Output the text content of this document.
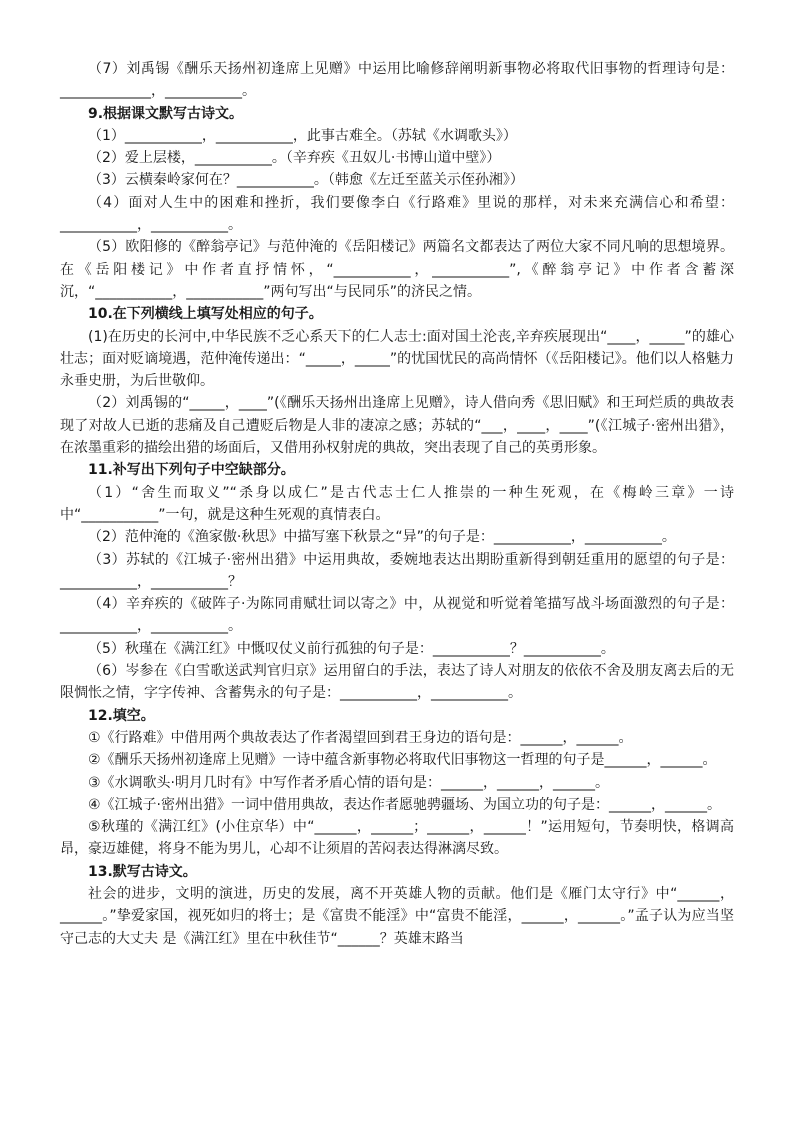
（7）刘禹锡《酬乐天扬州初逢席上见赠》中运用比喻修辞阐明新事物必将取代旧事物的哲理诗句是：_____________，___________。

9.根据课文默写古诗文。

（1）___________，___________，此事古难全。（苏轼《水调歌头》）

（2）爱上层楼，___________。（辛弃疾《丑奴儿·书博山道中壁》）

（3）云横秦岭家何在？___________。（韩愈《左迁至蓝关示侄孙湘》）

（4）面对人生中的困难和挫折，我们要像李白《行路难》里说的那样，对未来充满信心和希望：___________，___________。

（5）欧阳修的《醉翁亭记》与范仲淹的《岳阳楼记》两篇名文都表达了两位大家不同凡响的思想境界。在《岳阳楼记》中作者直抒情怀，“___________，___________”,《醉翁亭记》中作者含蓄深沉，“___________，___________”两句写出“与民同乐”的济民之情。

10.在下列横线上填写处相应的句子。

(1)在历史的长河中,中华民族不乏心系天下的仁人志士:面对国土沦丧,辛弃疾展现出“____，_____”的雄心壮志；面对贬谪境遇，范仲淹传递出：“_____，_____”的忧国忧民的高尚情怀（《岳阳楼记》。他们以人格魅力永垂史册，为后世敬仰。

（2）刘禹锡的“_____，____”(《酬乐天扬州出逢席上见赠》，诗人借向秀《思旧赋》和王珂烂质的典故表现了对故人已逝的悲痛及自己遭贬后物是人非的凄凉之感；苏轼的“___，____，____”(《江城子·密州出猎》，在浓墨重彩的描绘出猎的场面后，又借用孙权射虎的典故，突出表现了自己的英勇形象。

11.补写出下列句子中空缺部分。

（1）“舍生而取义”“杀身以成仁”是古代志士仁人推崇的一种生死观，在《梅岭三章》一诗中“___________”一句，就是这种生死观的真情表白。

（2）范仲淹的《渔家傲·秋思》中描写塞下秋景之“异”的句子是：___________，___________。

（3）苏轼的《江城子·密州出猎》中运用典故，委婉地表达出期盼重新得到朝廷重用的愿望的句子是：___________，___________？

（4）辛弃疾的《破阵子·为陈同甫赋壮词以寄之》中，从视觉和听觉着笔描写战斗场面激烈的句子是：___________，___________。

（5）秋瑾在《满江红》中慨叹仗义前行孤独的句子是：___________？___________。

（6）岑参在《白雪歌送武判官归京》运用留白的手法，表达了诗人对朋友的依依不舍及朋友离去后的无限惆怅之情，字字传神、含蓄隽永的句子是：___________，___________。

12.填空。

①《行路难》中借用两个典故表达了作者渴望回到君王身边的语句是：______，______。

②《酬乐天扬州初逢席上见赠》一诗中蕴含新事物必将取代旧事物这一哲理的句子是______，______。

③《水调歌头·明月几时有》中写作者矛盾心情的语句是：______，______，______。

④《江城子·密州出猎》一词中借用典故，表达作者愿驰骋疆场、为国立功的句子是：______，______。

⑤秋瑾的《满江红》(小住京华）中“______，______；______，______！”运用短句，节奏明快，格调高昂，豪迈雄健，将身不能为男儿，心却不让须眉的苦闷表达得淋漓尽致。

13.默写古诗文。

社会的进步，文明的演进，历史的发展，离不开英雄人物的贡献。他们是《雁门太守行》中“______，______。”挚爱家国，视死如归的将士；是《富贵不能淫》中“富贵不能淫，______，______。”孟子认为应当坚守己志的大丈夫 是《满江红》里在中秋佳节“______？英雄末路当
